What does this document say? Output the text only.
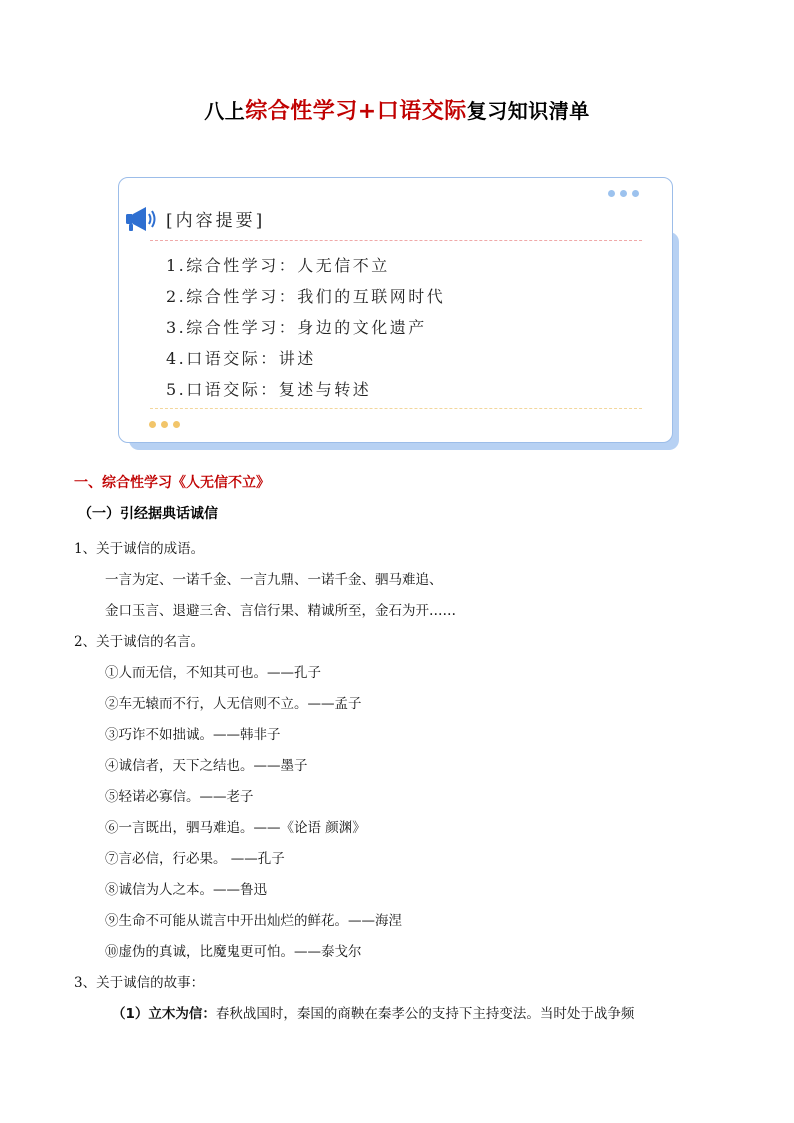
八上综合性学习+口语交际复习知识清单
[内容提要]
1.综合性学习：人无信不立
2.综合性学习：我们的互联网时代
3.综合性学习：身边的文化遗产
4.口语交际：讲述
5.口语交际：复述与转述
一、综合性学习《人无信不立》
（一）引经据典话诚信
1、关于诚信的成语。
一言为定、一诺千金、一言九鼎、一诺千金、驷马难追、
金口玉言、退避三舍、言信行果、精诚所至，金石为开……
2、关于诚信的名言。
①人而无信，不知其可也。——孔子
②车无辕而不行，人无信则不立。——孟子
③巧诈不如拙诚。——韩非子
④诚信者，天下之结也。——墨子
⑤轻诺必寡信。——老子
⑥一言既出，驷马难追。——《论语 颜渊》
⑦言必信，行必果。 ——孔子
⑧诚信为人之本。——鲁迅
⑨生命不可能从谎言中开出灿烂的鲜花。——海涅
⑩虚伪的真诚，比魔鬼更可怕。——泰戈尔
3、关于诚信的故事：
（1）立木为信：春秋战国时，秦国的商鞅在秦孝公的支持下主持变法。当时处于战争频
